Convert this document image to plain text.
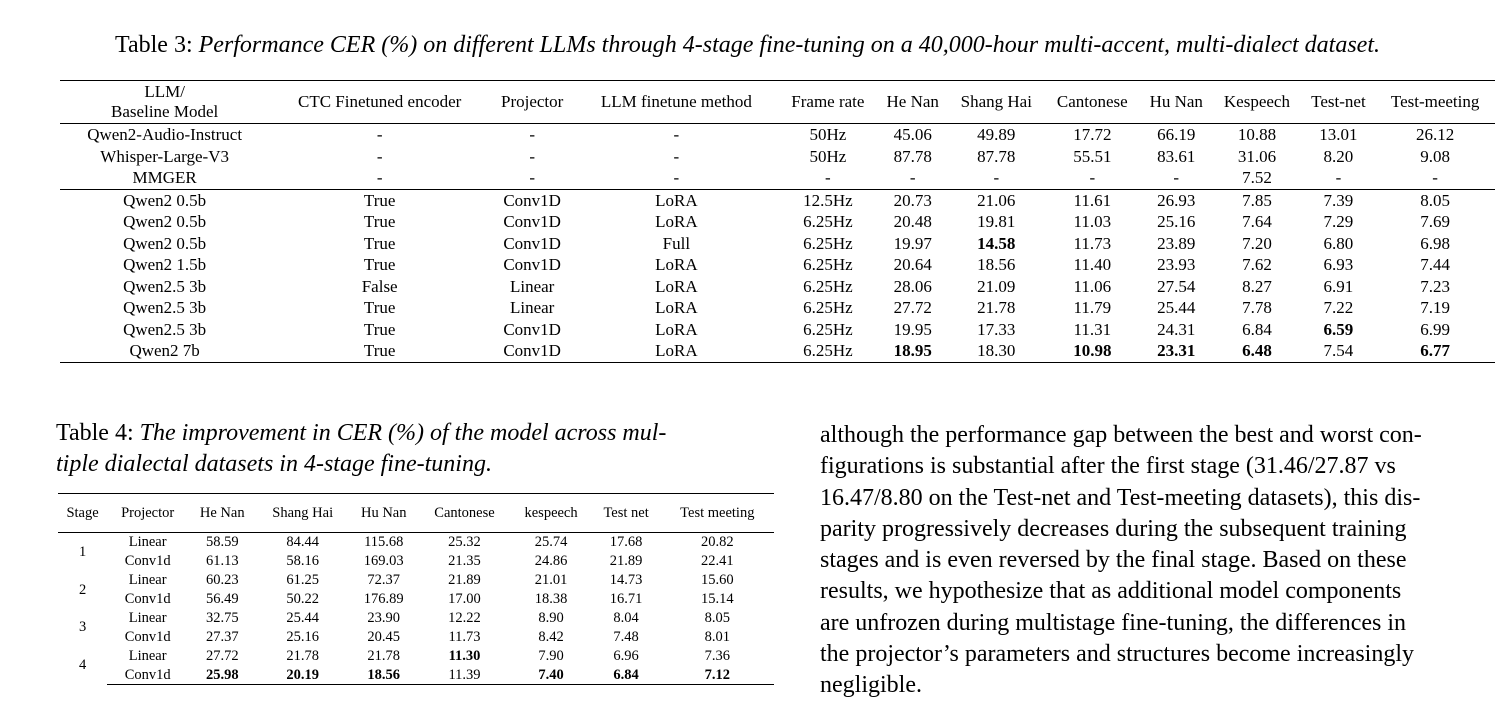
Table 3: Performance CER (%) on different LLMs through 4-stage fine-tuning on a 40,000-hour multi-accent, multi-dialect dataset.
LLM/
Baseline Model	CTC Finetuned encoder	Projector	LLM finetune method	Frame rate	He Nan	Shang Hai	Cantonese	Hu Nan	Kespeech	Test-net	Test-meeting
Qwen2-Audio-Instruct	-	-	-	50Hz	45.06	49.89	17.72	66.19	10.88	13.01	26.12
Whisper-Large-V3	-	-	-	50Hz	87.78	87.78	55.51	83.61	31.06	8.20	9.08
MMGER	-	-	-	-	-	-	-	-	7.52	-	-
Qwen2 0.5b	True	Conv1D	LoRA	12.5Hz	20.73	21.06	11.61	26.93	7.85	7.39	8.05
Qwen2 0.5b	True	Conv1D	LoRA	6.25Hz	20.48	19.81	11.03	25.16	7.64	7.29	7.69
Qwen2 0.5b	True	Conv1D	Full	6.25Hz	19.97	14.58	11.73	23.89	7.20	6.80	6.98
Qwen2 1.5b	True	Conv1D	LoRA	6.25Hz	20.64	18.56	11.40	23.93	7.62	6.93	7.44
Qwen2.5 3b	False	Linear	LoRA	6.25Hz	28.06	21.09	11.06	27.54	8.27	6.91	7.23
Qwen2.5 3b	True	Linear	LoRA	6.25Hz	27.72	21.78	11.79	25.44	7.78	7.22	7.19
Qwen2.5 3b	True	Conv1D	LoRA	6.25Hz	19.95	17.33	11.31	24.31	6.84	6.59	6.99
Qwen2 7b	True	Conv1D	LoRA	6.25Hz	18.95	18.30	10.98	23.31	6.48	7.54	6.77
Table 4: The improvement in CER (%) of the model across mul-
tiple dialectal datasets in 4-stage fine-tuning.
Stage	Projector	He Nan	Shang Hai	Hu Nan	Cantonese	kespeech	Test net	Test meeting
1	Linear	58.59	84.44	115.68	25.32	25.74	17.68	20.82
	Conv1d	61.13	58.16	169.03	21.35	24.86	21.89	22.41
2	Linear	60.23	61.25	72.37	21.89	21.01	14.73	15.60
	Conv1d	56.49	50.22	176.89	17.00	18.38	16.71	15.14
3	Linear	32.75	25.44	23.90	12.22	8.90	8.04	8.05
	Conv1d	27.37	25.16	20.45	11.73	8.42	7.48	8.01
4	Linear	27.72	21.78	21.78	11.30	7.90	6.96	7.36
	Conv1d	25.98	20.19	18.56	11.39	7.40	6.84	7.12

although the performance gap between the best and worst con-

figurations is substantial after the first stage (31.46/27.87 vs

16.47/8.80 on the Test-net and Test-meeting datasets), this dis-

parity progressively decreases during the subsequent training

stages and is even reversed by the final stage. Based on these

results, we hypothesize that as additional model components

are unfrozen during multistage fine-tuning, the differences in

the projector’s parameters and structures become increasingly

negligible.
